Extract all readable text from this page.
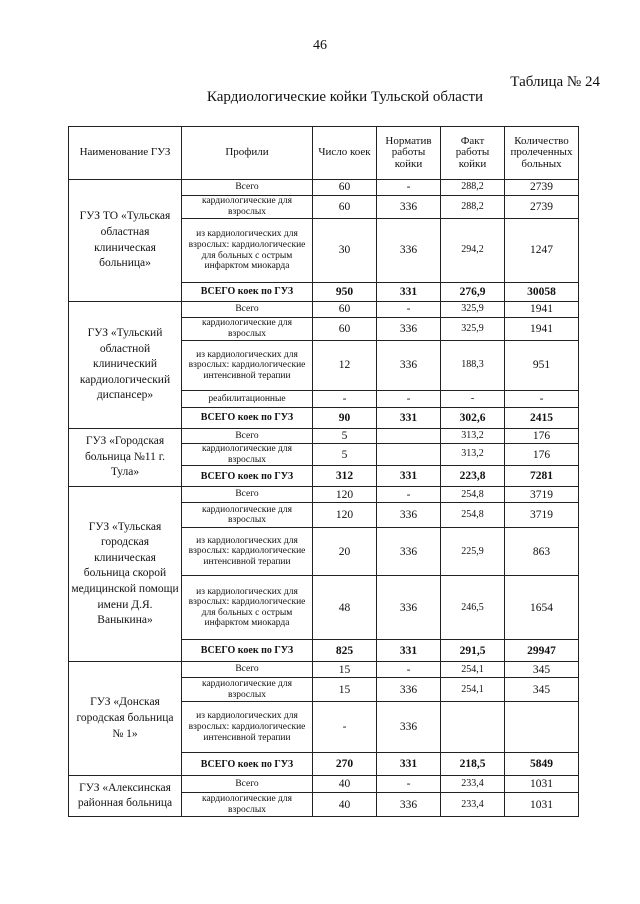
46
Таблица № 24
Кардиологические койки Тульской области
Наименование ГУЗ	Профили	Число коек	Норматив работы койки	Факт работы койки	Количество пролеченных больных
ГУЗ ТО «Тульская областная клиническая больница»	Всего	60	-	288,2	2739
	кардиологические для взрослых	60	336	288,2	2739
	из кардиологических для взрослых: кардиологические для больных с острым инфарктом миокарда	30	336	294,2	1247
	ВСЕГО коек по ГУЗ	950	331	276,9	30058
ГУЗ «Тульский областной клинический кардиологический диспансер»	Всего	60	-	325,9	1941
	кардиологические для взрослых	60	336	325,9	1941
	из кардиологических для взрослых: кардиологические интенсивной терапии	12	336	188,3	951
	реабилитационные	-	-	-	-
	ВСЕГО коек по ГУЗ	90	331	302,6	2415
ГУЗ «Городская больница №11 г. Тула»	Всего	5		313,2	176
	кардиологические для взрослых	5		313,2	176
	ВСЕГО коек по ГУЗ	312	331	223,8	7281
ГУЗ «Тульская городская клиническая больница скорой медицинской помощи имени Д.Я. Ваныкина»	Всего	120	-	254,8	3719
	кардиологические для взрослых	120	336	254,8	3719
	из кардиологических для взрослых: кардиологические интенсивной терапии	20	336	225,9	863
	из кардиологических для взрослых: кардиологические для больных с острым инфарктом миокарда	48	336	246,5	1654
	ВСЕГО коек по ГУЗ	825	331	291,5	29947
ГУЗ «Донская городская больница № 1»	Всего	15	-	254,1	345
	кардиологические для взрослых	15	336	254,1	345
	из кардиологических для взрослых: кардиологические интенсивной терапии	-	336		
	ВСЕГО коек по ГУЗ	270	331	218,5	5849
ГУЗ «Алексинская районная больница	Всего	40	-	233,4	1031
	кардиологические для взрослых	40	336	233,4	1031
